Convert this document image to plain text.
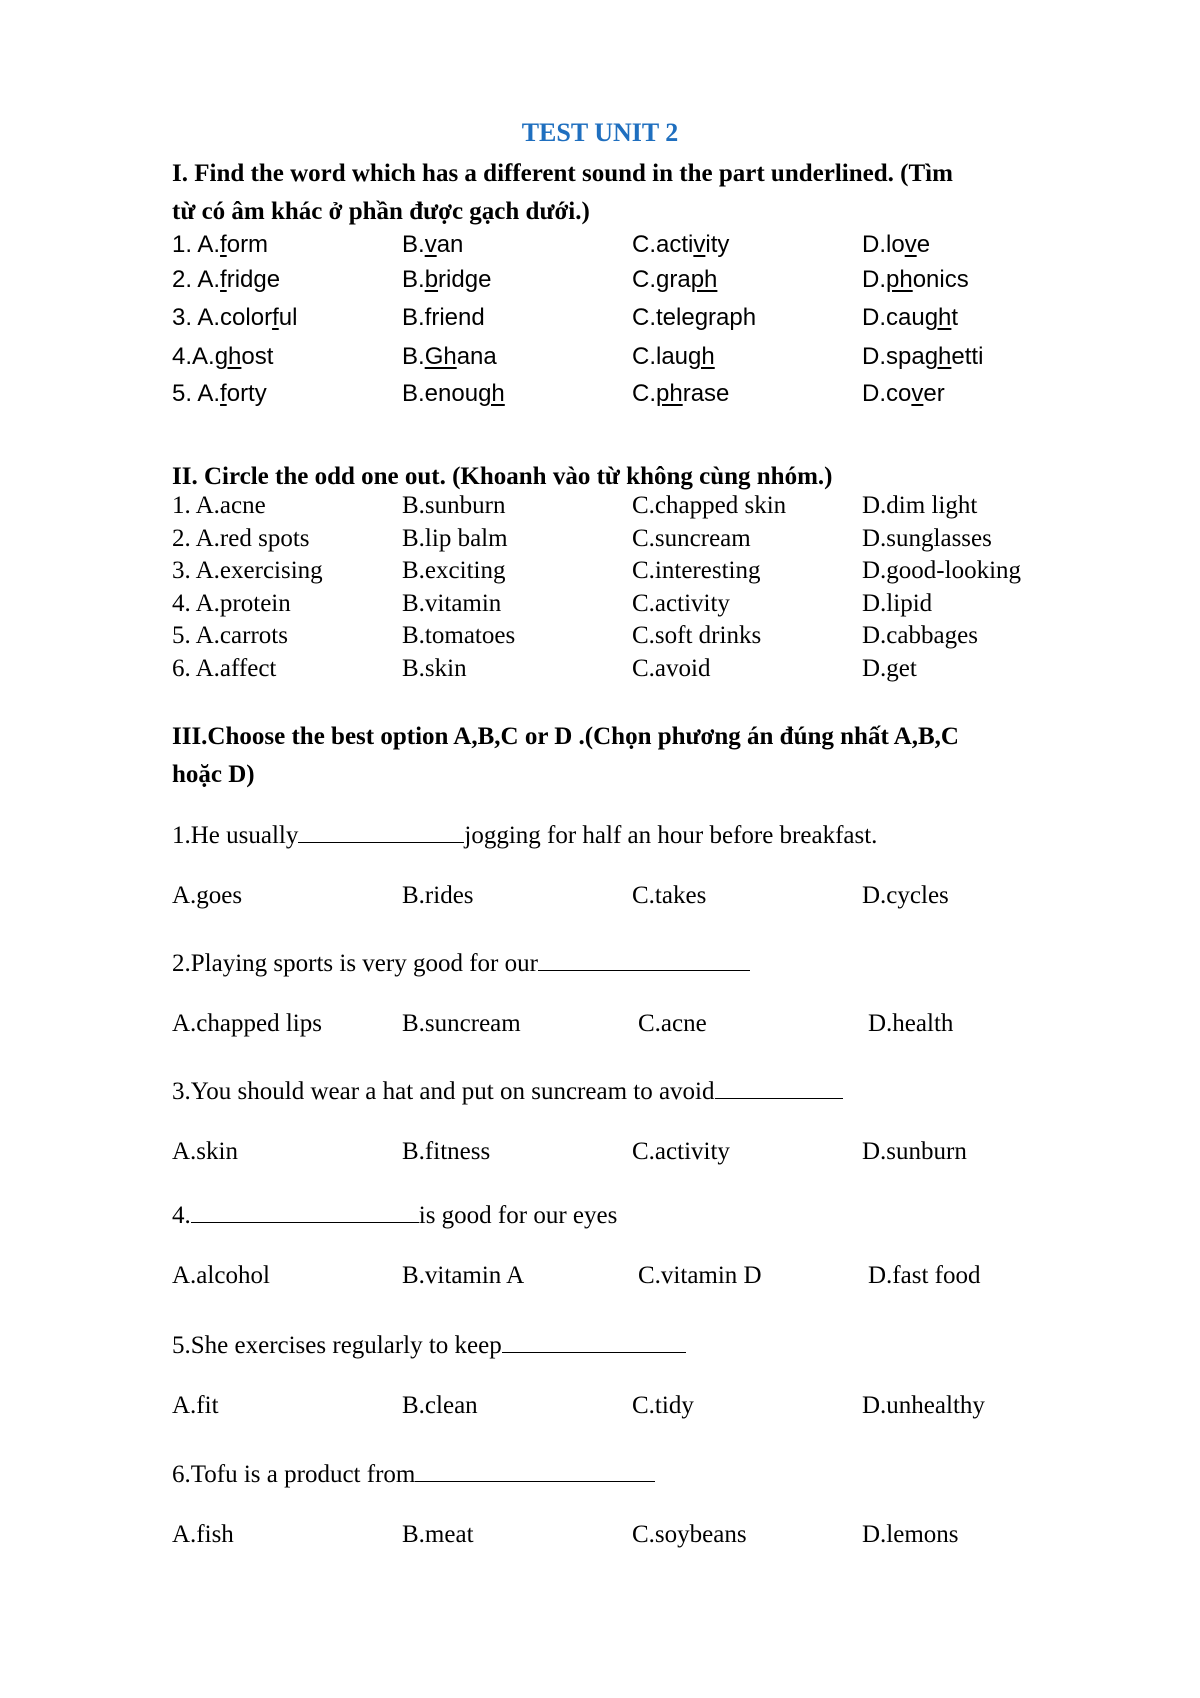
TEST UNIT 2
I. Find the word which has a different sound in the part underlined. (Tìm
từ có âm khác ở phần được gạch dưới.)
1. A.form	B.van	C.activity	D.love
2. A.fridge	B.bridge	C.graph	D.phonics
3. A.colorful	B.friend	C.telegraph	D.caught
4.A.ghost	B.Ghana	C.laugh	D.spaghetti
5. A.forty	B.enough	C.phrase	D.cover
II. Circle the odd one out. (Khoanh vào từ không cùng nhóm.)
1. A.acne	B.sunburn	C.chapped skin	D.dim light
2. A.red spots	B.lip balm	C.suncream	D.sunglasses
3. A.exercising	B.exciting	C.interesting	D.good-looking
4. A.protein	B.vitamin	C.activity	D.lipid
5. A.carrots	B.tomatoes	C.soft drinks	D.cabbages
6. A.affect	B.skin	C.avoid	D.get
III.Choose the best option A,B,C or D .(Chọn phương án đúng nhất A,B,C
hoặc D)
1.He usually	jogging for half an hour before breakfast.
A.goes	B.rides	C.takes	D.cycles
2.Playing sports is very good for our
A.chapped lips	B.suncream	C.acne	D.health
3.You should wear a hat and put on suncream to avoid
A.skin	B.fitness	C.activity	D.sunburn
4.	is good for our eyes
A.alcohol	B.vitamin A	C.vitamin D	D.fast food
5.She exercises regularly to keep
A.fit	B.clean	C.tidy	D.unhealthy
6.Tofu is a product from
A.fish	B.meat	C.soybeans	D.lemons
